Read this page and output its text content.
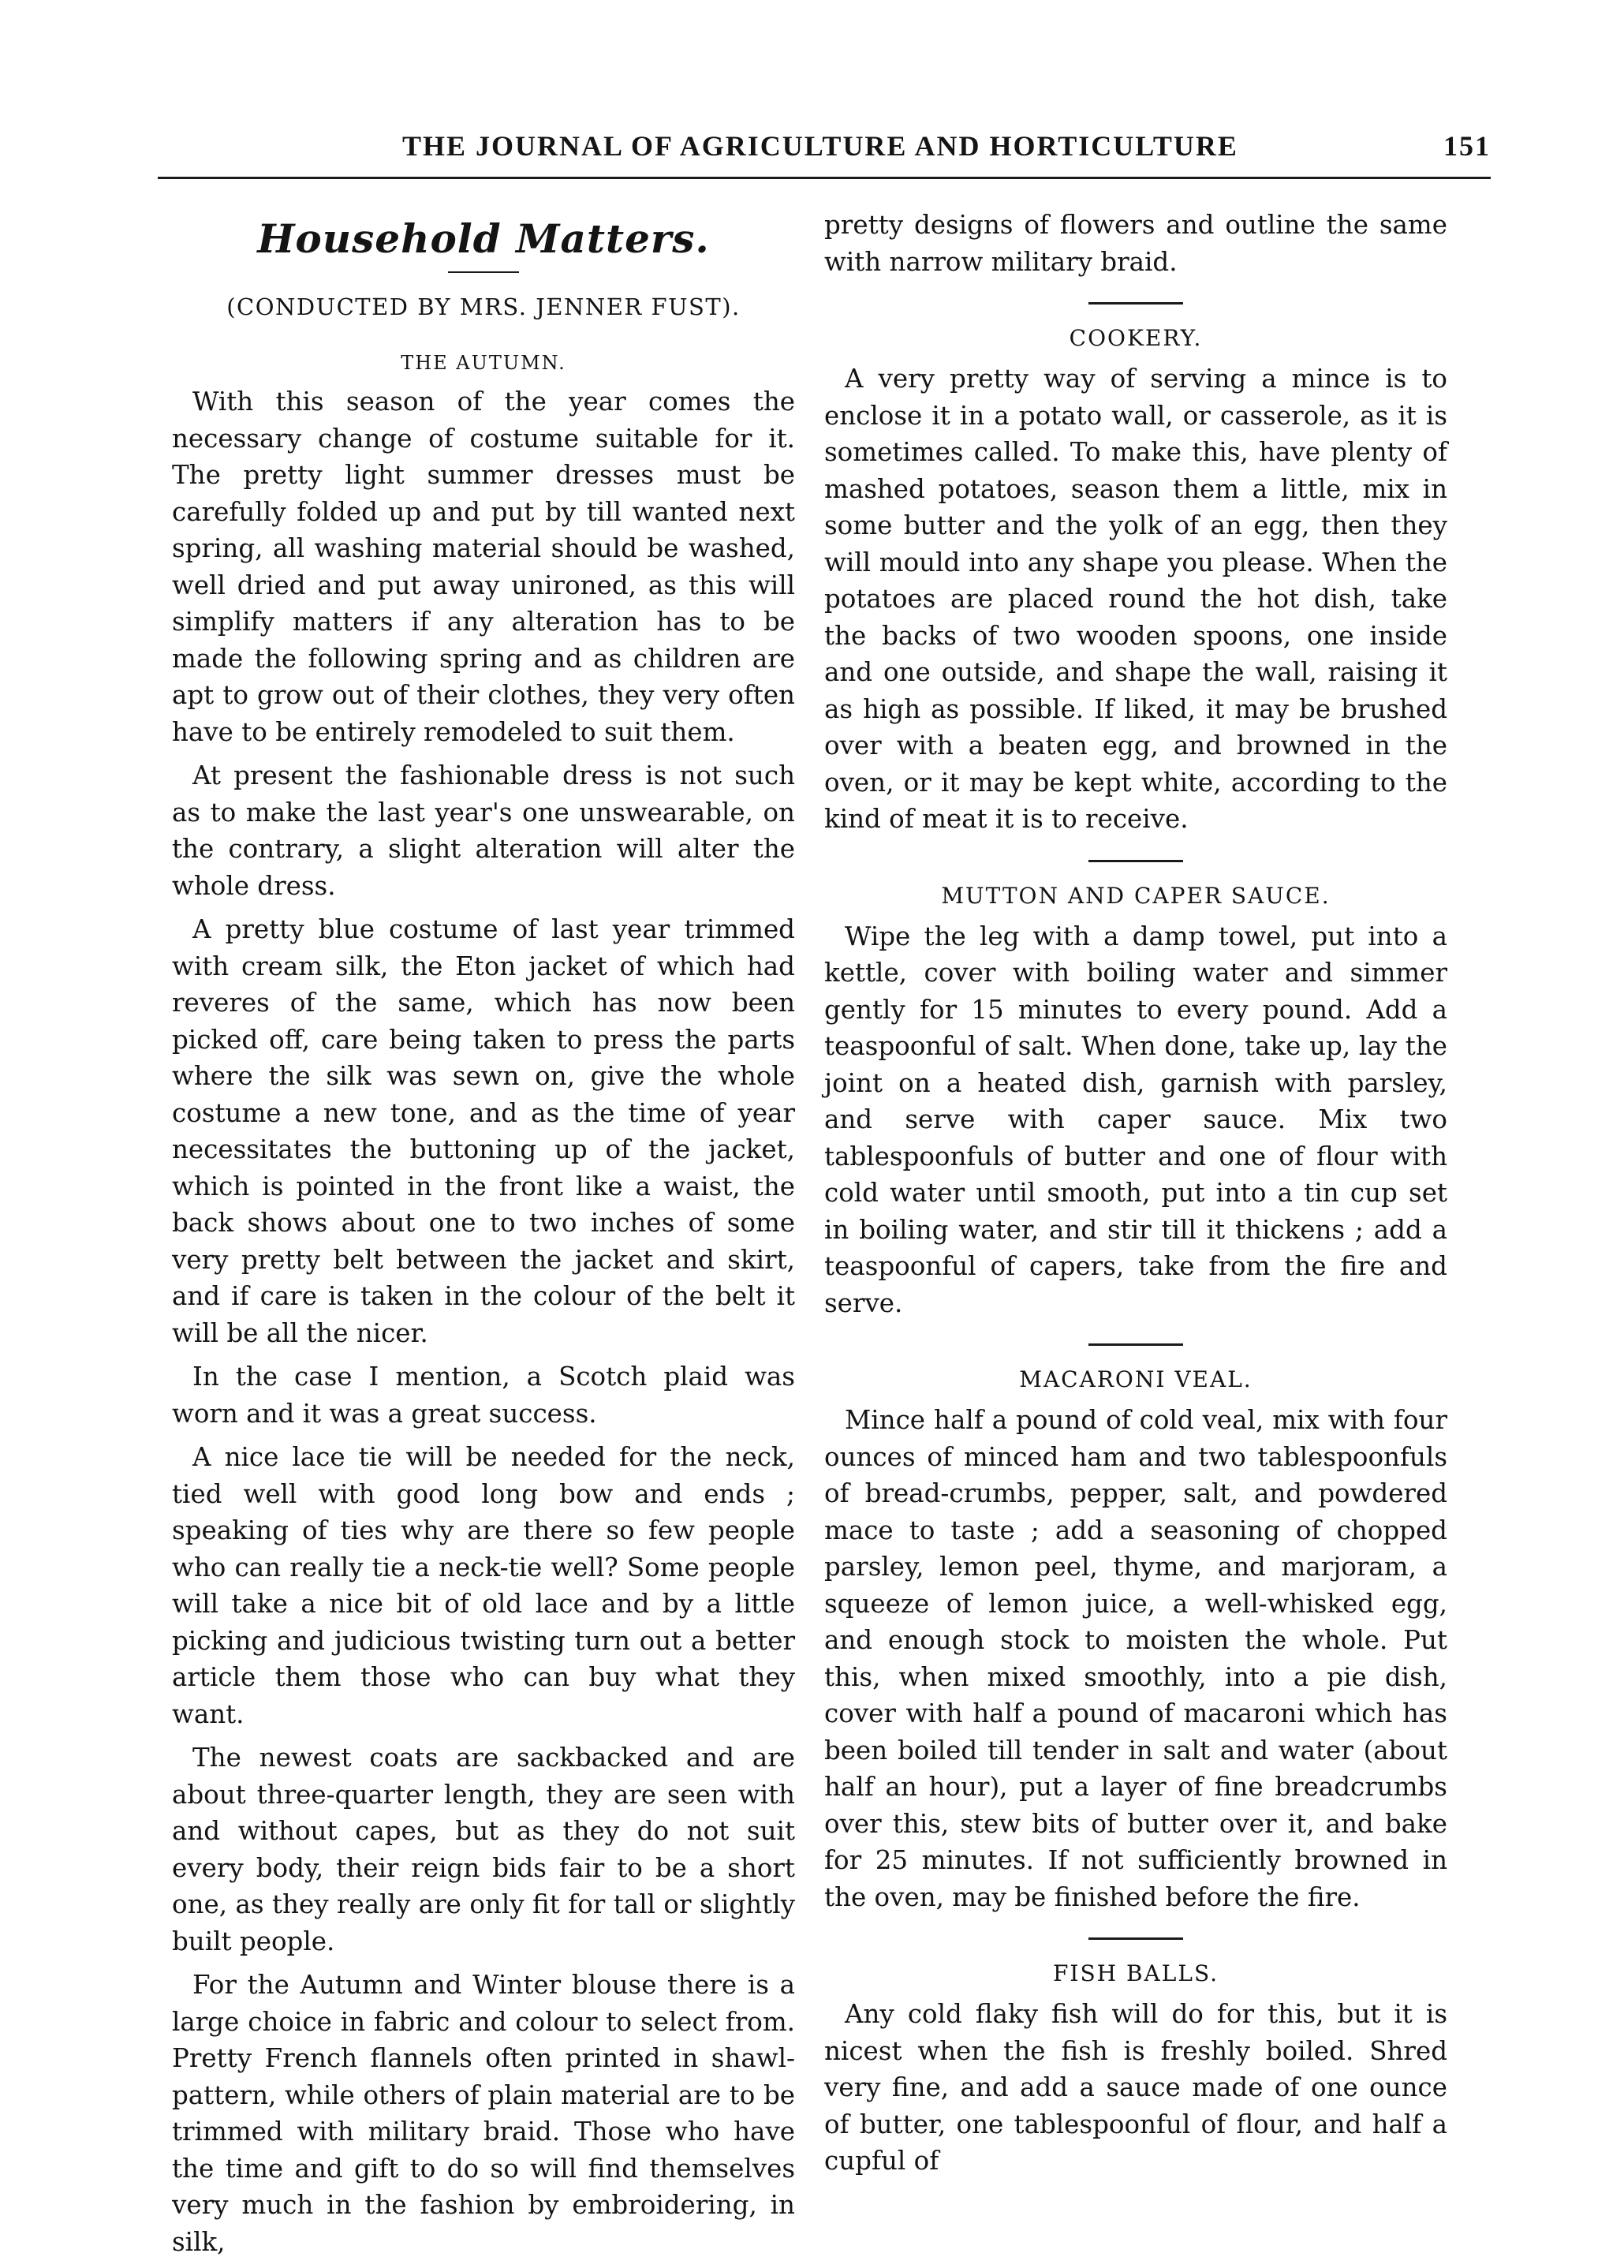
THE JOURNAL OF AGRICULTURE AND HORTICULTURE	151
Household Matters.
(CONDUCTED BY MRS. JENNER FUST).
THE AUTUMN.

With this season of the year comes the necessary change of costume suitable for it. The pretty light summer dresses must be carefully folded up and put by till wanted next spring, all washing material should be washed, well dried and put away unironed, as this will simplify matters if any alteration has to be made the following spring and as children are apt to grow out of their clothes, they very often have to be entirely remodeled to suit them.

At present the fashionable dress is not such as to make the last year's one unswearable, on the contrary, a slight alteration will alter the whole dress.

A pretty blue costume of last year trimmed with cream silk, the Eton jacket of which had reveres of the same, which has now been picked off, care being taken to press the parts where the silk was sewn on, give the whole costume a new tone, and as the time of year necessitates the buttoning up of the jacket, which is pointed in the front like a waist, the back shows about one to two inches of some very pretty belt between the jacket and skirt, and if care is taken in the colour of the belt it will be all the nicer.

In the case I mention, a Scotch plaid was worn and it was a great success.

A nice lace tie will be needed for the neck, tied well with good long bow and ends ; speaking of ties why are there so few people who can really tie a neck-tie well? Some people will take a nice bit of old lace and by a little picking and judicious twisting turn out a better article them those who can buy what they want.

The newest coats are sackbacked and are about three-quarter length, they are seen with and without capes, but as they do not suit every body, their reign bids fair to be a short one, as they really are only fit for tall or slightly built people.

For the Autumn and Winter blouse there is a large choice in fabric and colour to select from. Pretty French flannels often printed in shawl-pattern, while others of plain material are to be trimmed with military braid. Those who have the time and gift to do so will find themselves very much in the fashion by embroidering, in silk,

pretty designs of flowers and outline the same with narrow military braid.

COOKERY.

A very pretty way of serving a mince is to enclose it in a potato wall, or casserole, as it is sometimes called. To make this, have plenty of mashed potatoes, season them a little, mix in some butter and the yolk of an egg, then they will mould into any shape you please. When the potatoes are placed round the hot dish, take the backs of two wooden spoons, one inside and one outside, and shape the wall, raising it as high as possible. If liked, it may be brushed over with a beaten egg, and browned in the oven, or it may be kept white, according to the kind of meat it is to receive.

MUTTON AND CAPER SAUCE.

Wipe the leg with a damp towel, put into a kettle, cover with boiling water and simmer gently for 15 minutes to every pound. Add a teaspoonful of salt. When done, take up, lay the joint on a heated dish, garnish with parsley, and serve with caper sauce. Mix two tablespoonfuls of butter and one of flour with cold water until smooth, put into a tin cup set in boiling water, and stir till it thickens ; add a teaspoonful of capers, take from the fire and serve.

MACARONI VEAL.

Mince half a pound of cold veal, mix with four ounces of minced ham and two tablespoonfuls of bread-crumbs, pepper, salt, and powdered mace to taste ; add a seasoning of chopped parsley, lemon peel, thyme, and marjoram, a squeeze of lemon juice, a well-whisked egg, and enough stock to moisten the whole. Put this, when mixed smoothly, into a pie dish, cover with half a pound of macaroni which has been boiled till tender in salt and water (about half an hour), put a layer of fine breadcrumbs over this, stew bits of butter over it, and bake for 25 minutes. If not sufficiently browned in the oven, may be finished before the fire.

FISH BALLS.

Any cold flaky fish will do for this, but it is nicest when the fish is freshly boiled. Shred very fine, and add a sauce made of one ounce of butter, one tablespoonful of flour, and half a cupful of
